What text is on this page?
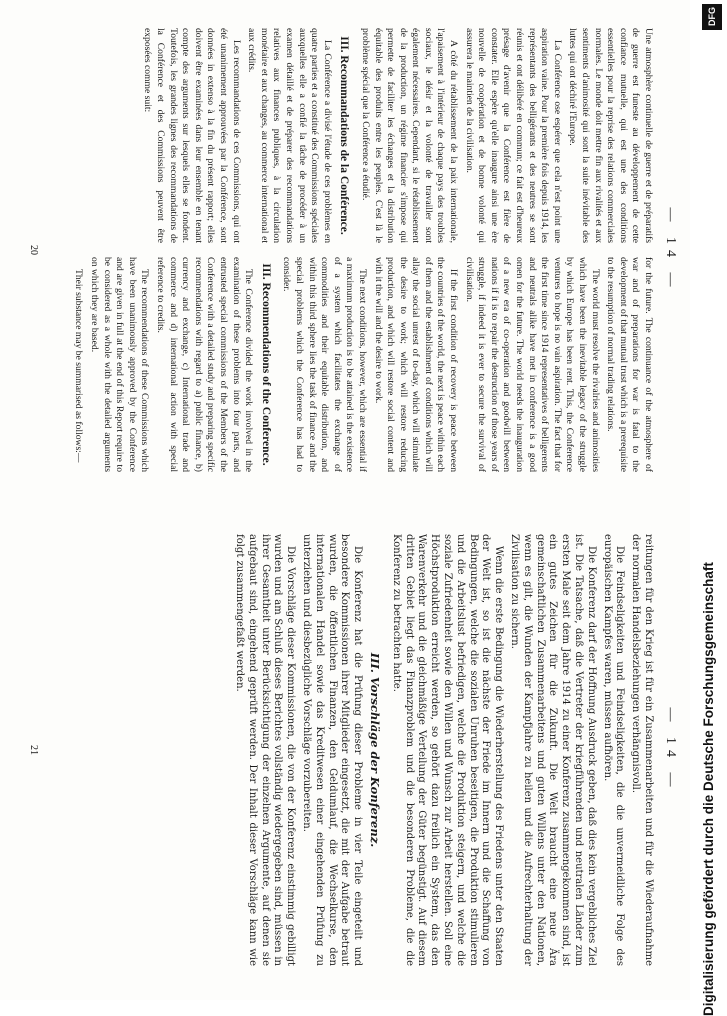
— 14 —

Une atmosphère continuelle de guerre et de préparatifs de guerre est funeste au développement de cette confiance mutuelle, qui est une des conditions essentielles pour la reprise des relations commerciales normales. Le monde doit mettre fin aux rivalités et aux sentiments d'animosité qui sont la suite inévitable des luttes qui ont déchiré l'Europe.

La Conférence ose espérer que cela n'est point une aspiration vaine. Pour la première fois depuis 1914, les représentants des belligérants et des neutres se sont réunis et ont délibéré en commun; ce fait est d'heureux présage d'avenir que la Conférence est fière de constater. Elle espère qu'elle inaugure ainsi une ère nouvelle de coopération et de bonne volonté qui assurera le maintien de la civilisation.

A côté du rétablissement de la paix internationale, l'apaisement à l'intérieur de chaque pays des troubles sociaux, le désir et la volonté de travailler sont également nécessaires. Cependant, si le rétablissement de la production, un régime financier s'impose qui permette de faciliter les échanges et la distribution équitable des produits entre les peuples. C'est là le problème spécial que la Conférence a étudié.

III. Recommandations de la Conférence.

La Conférence a divisé l'étude de ces problèmes en quatre parties et a constitué des Commissions spéciales auxquelles elle a confié la tâche de procéder à un examen détaillé et de préparer des recommandations relatives aux finances publiques, à la circulation monétaire et aux changes, au commerce international et aux crédits.

Les recommandations de ces Commissions, qui ont été unanimement approuvées par la Conférence, sont données in extenso à la fin du présent rapport; elles doivent être examinées dans leur ensemble en tenant compte des arguments sur lesquels elles se fondent. Toutefois, les grandes lignes des recommandations de la Conférence et des Commissions peuvent être exposées comme suit:

for the future. The continuance of the atmosphere of war and of preparations for war is fatal to the development of that mutual trust which is a prerequisite to the resumption of normal trading relations.

The world must resolve the rivalries and animosities which have been the inevitable legacy of the struggle by which Europe has been rent. This, the Conference ventures to hope is no vain aspiration. The fact that for the first time since 1914 representatives of belligerents and neutrals alike have met in conference is a good omen for the future. The world needs the inauguration of a new era of co-operation and goodwill between nations if it is to repair the destruction of those years of struggle, if indeed it is ever to secure the survival of civilisation.

If the first condition of recovery is peace between the countries of the world, the next is peace within each of them and the establishment of conditions which will allay the social unrest of to-day, which will stimulate the desire to work; which will restore reducing production, and which will restore social content and with it the will and the desire to work.

The next conditions, however, which are essential if a maximum production is to be attained is the existence of a system which facilitates the exchange of commodities and their equitable distribution, and within this third sphere lies the task of finance and the special problems which the Conference has had to consider.

III. Recommendations of the Conference.

The Conference divided the work involved in the examination of these problems into four parts, and entrusted special commissions of the Members of the Conference with a detailed study and preparing specific recommendations with regard to a) public finance, b) currency and exchange, c) International trade and commerce and d) international action with special reference to credits.

The recommendations of these Commissions which have been unanimously approved by the Conference and are given in full at the end of this Report require to be considered as a whole with the detailed arguments on which they are based.

Their substance may be summarised as follows:—

20
— 14 —

reitungen für den Krieg ist für ein Zusammenarbeiten und für die Wiederaufnahme der normalen Handelsbeziehungen verhängnisvoll.

Die Feindseligkeiten und Feindseligkeiten, die die unvermeidliche Folge des europäischen Kampfes waren, müssen aufhören.

Die Konferenz darf der Hoffnung Ausdruck geben, daß dies kein vergebliches Ziel ist. Die Tatsache, daß die Vertreter der kriegführenden und neutralen Länder zum ersten Male seit dem Jahre 1914 zu einer Konferenz zusammengekommen sind, ist ein gutes Zeichen für die Zukunft. Die Welt braucht eine neue Ära gemeinschaftlichen Zusammenarbeitens und guten Willens unter den Nationen, wenn es gilt, die Wunden der Kampfjahre zu heilen und die Aufrechterhaltung der Zivilisation zu sichern.

Wenn die erste Bedingung die Wiederherstellung des Friedens unter den Staaten der Welt ist, so ist die nächste der Friede im Innern und die Schaffung von Bedingungen, welche die sozialen Unruhen beseitigen, die Produktion stimulieren und die Arbeitslust befriedigen, welche die Produktion steigern, und welche die soziale Zufriedenheit sowie den Willen und Wunsch zur Arbeit herstellen. Soll eine Höchstproduktion erreicht werden, so gehört dazu freilich ein System, das den Warenverkehr und die gleichmäßige Verteilung der Güter begünstigt. Auf diesem dritten Gebiet liegt das Finanzproblem und die besonderen Probleme, die die Konferenz zu betrachten hatte.

III. Vorschläge der Konferenz.

Die Konferenz hat die Prüfung dieser Probleme in vier Teile eingeteilt und besondere Kommissionen ihrer Mitglieder eingesetzt, die mit der Aufgabe betraut wurden, die öffentlichen Finanzen, den Geldumlauf, die Wechselkurse, den internationalen Handel sowie das Kreditwesen einer eingehenden Prüfung zu unterziehen und diesbezügliche Vorschläge vorzubereiten.

Die Vorschläge dieser Kommissionen, die von der Konferenz einstimmig gebilligt wurden und am Schluß dieses Berichtes vollständig wiedergegeben sind, müssen in ihrer Gesamtheit unter Berücksichtigung der einzelnen Argumente, auf denen sie aufgebaut sind, eingehend geprüft werden. Der Inhalt dieser Vorschläge kann wie folgt zusammengefaßt werden.

21
DFG
Digitalisierung gefördert durch die Deutsche Forschungsgemeinschaft
